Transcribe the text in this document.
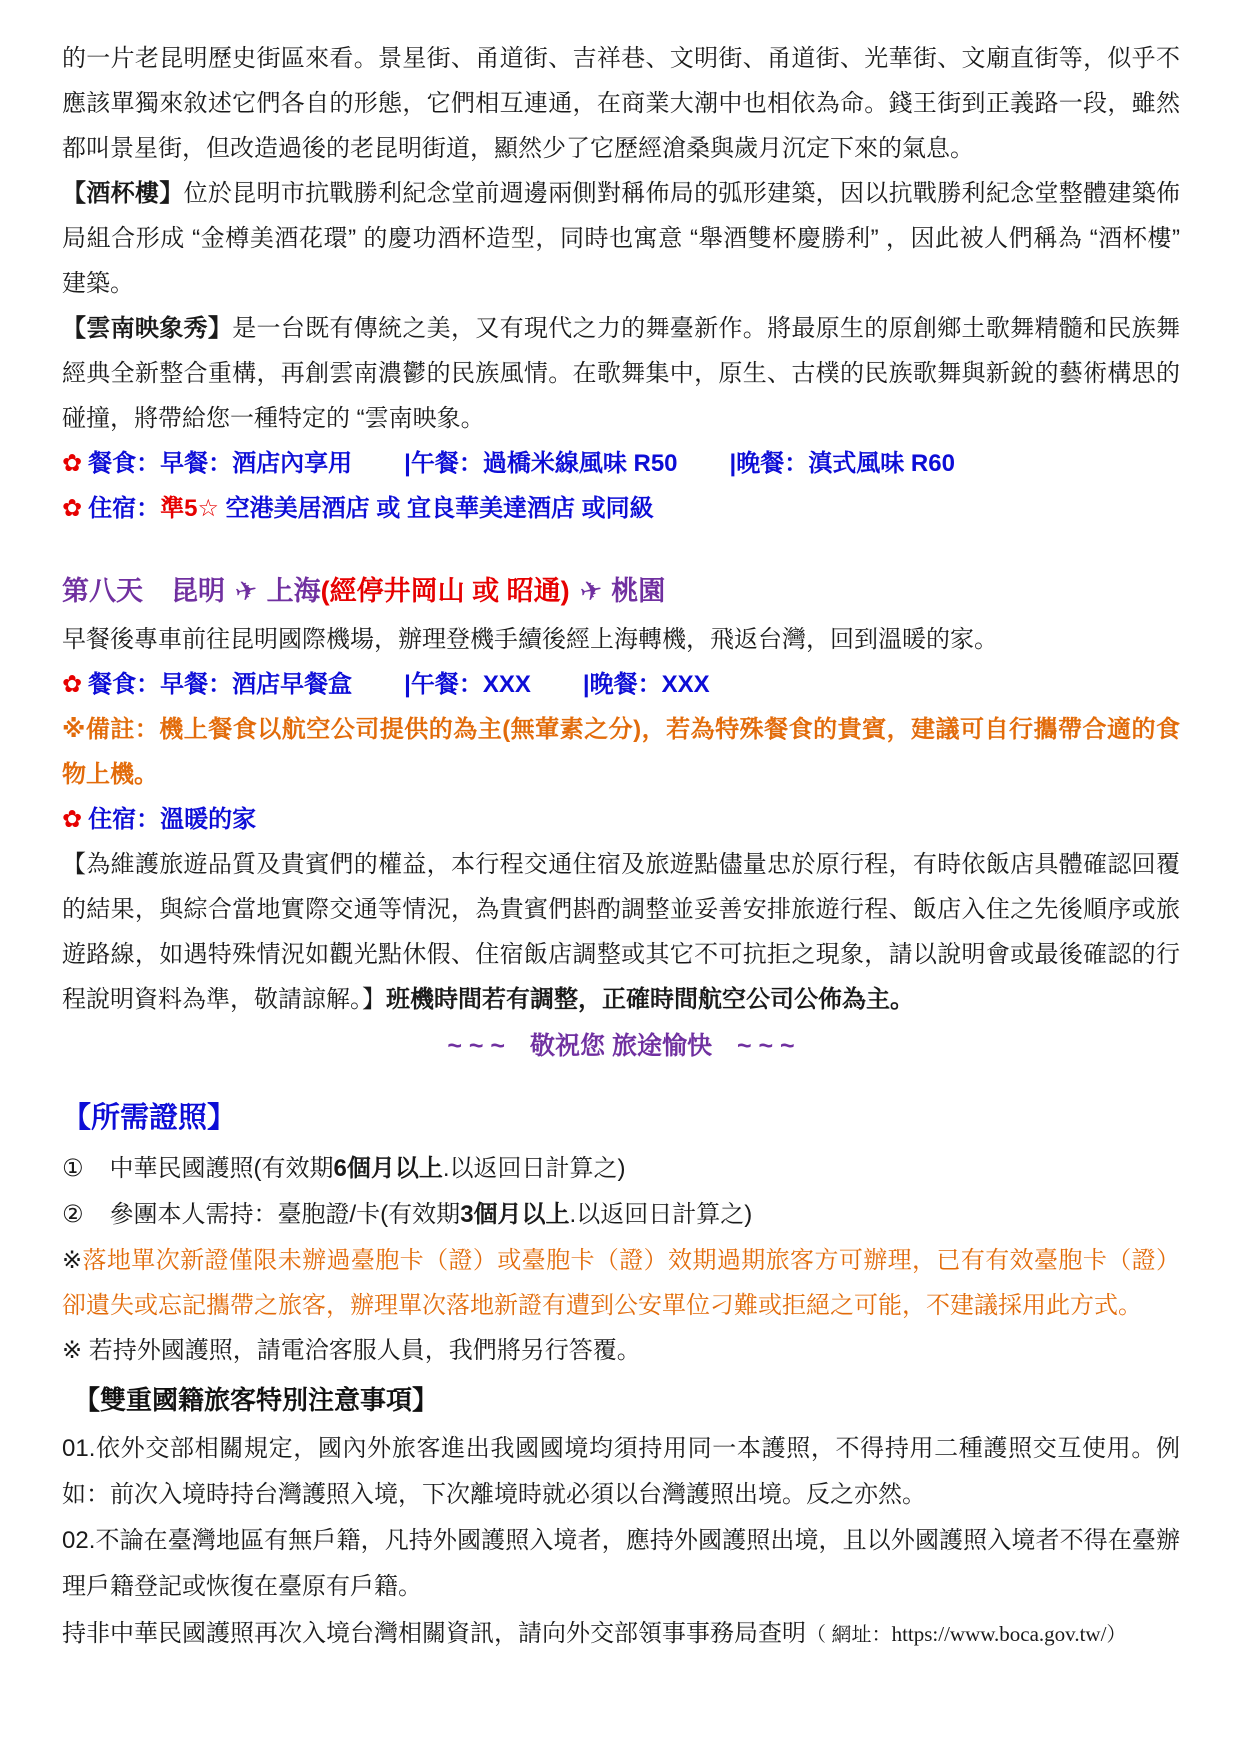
的一片老昆明歷史街區來看。景星街、甬道街、吉祥巷、文明街、甬道街、光華街、文廟直街等，似乎不應該單獨來敘述它們各自的形態，它們相互連通，在商業大潮中也相依為命。錢王街到正義路一段，雖然都叫景星街，但改造過後的老昆明街道，顯然少了它歷經滄桑與歲月沉定下來的氣息。

【酒杯樓】位於昆明市抗戰勝利紀念堂前週邊兩側對稱佈局的弧形建築，因以抗戰勝利紀念堂整體建築佈局組合形成 “金樽美酒花環” 的慶功酒杯造型，同時也寓意 “舉酒雙杯慶勝利” ，因此被人們稱為 “酒杯樓” 建築。

【雲南映象秀】是一台既有傳統之美，又有現代之力的舞臺新作。將最原生的原創鄉土歌舞精髓和民族舞經典全新整合重構，再創雲南濃鬱的民族風情。在歌舞集中，原生、古樸的民族歌舞與新銳的藝術構思的碰撞，將帶給您一種特定的 “雲南映象。

✿ 餐食：早餐：酒店內享用 |午餐：過橋米線風味 R50 |晚餐：滇式風味 R60

✿ 住宿：準5☆ 空港美居酒店 或 宜良華美達酒店 或同級

第八天 昆明 ✈ 上海(經停井岡山 或 昭通) ✈ 桃園

早餐後專車前往昆明國際機場，辦理登機手續後經上海轉機，飛返台灣，回到溫暖的家。

✿ 餐食：早餐：酒店早餐盒 |午餐：XXX |晚餐：XXX

※備註：機上餐食以航空公司提供的為主(無葷素之分)，若為特殊餐食的貴賓，建議可自行攜帶合適的食物上機。

✿ 住宿：溫暖的家

【為維護旅遊品質及貴賓們的權益，本行程交通住宿及旅遊點儘量忠於原行程，有時依飯店具體確認回覆的結果，與綜合當地實際交通等情況，為貴賓們斟酌調整並妥善安排旅遊行程、飯店入住之先後順序或旅遊路線，如遇特殊情況如觀光點休假、住宿飯店調整或其它不可抗拒之現象，請以說明會或最後確認的行程說明資料為準，敬請諒解。】班機時間若有調整，正確時間航空公司公佈為主。

~ ~ ~　敬祝您 旅途愉快　~ ~ ~

【所需證照】

① 中華民國護照(有效期6個月以上.以返回日計算之)

② 參團本人需持：臺胞證/卡(有效期3個月以上.以返回日計算之)

※落地單次新證僅限未辦過臺胞卡（證）或臺胞卡（證）效期過期旅客方可辦理，已有有效臺胞卡（證）卻遺失或忘記攜帶之旅客，辦理單次落地新證有遭到公安單位刁難或拒絕之可能，不建議採用此方式。

※ 若持外國護照，請電洽客服人員，我們將另行答覆。

【雙重國籍旅客特別注意事項】

01.依外交部相關規定，國內外旅客進出我國國境均須持用同一本護照，不得持用二種護照交互使用。例如：前次入境時持台灣護照入境，下次離境時就必須以台灣護照出境。反之亦然。

02.不論在臺灣地區有無戶籍，凡持外國護照入境者，應持外國護照出境，且以外國護照入境者不得在臺辦理戶籍登記或恢復在臺原有戶籍。

持非中華民國護照再次入境台灣相關資訊，請向外交部領事事務局查明（ 網址：https://www.boca.gov.tw/）
